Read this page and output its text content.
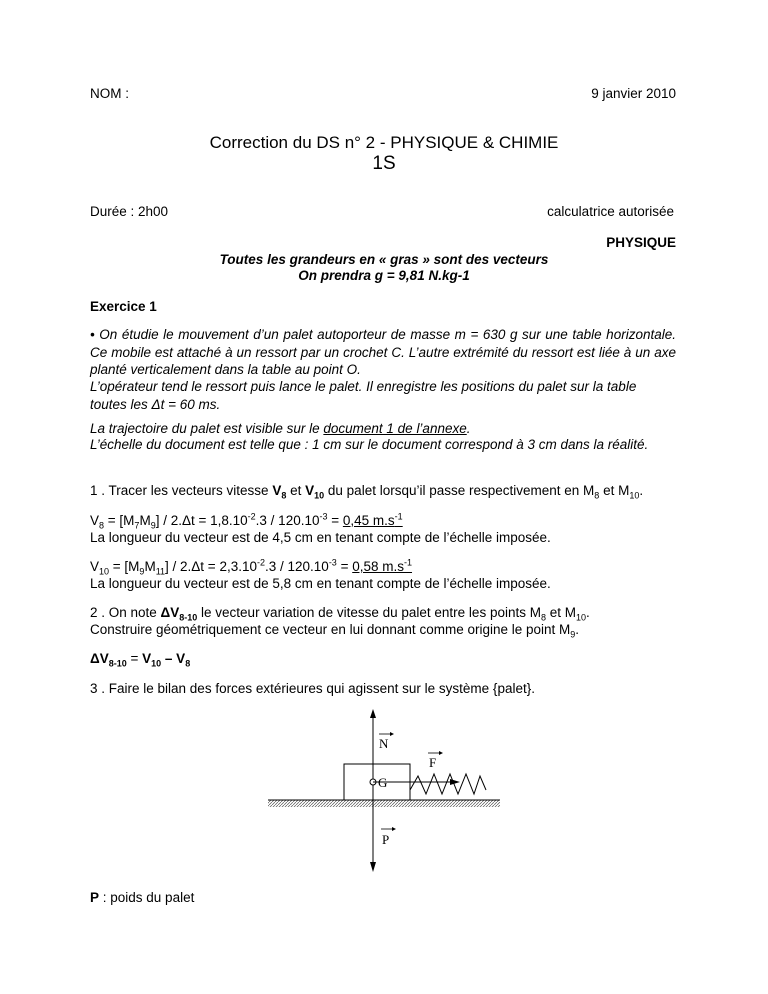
NOM :	9 janvier 2010
Correction du DS n° 2 - PHYSIQUE & CHIMIE
1S
Durée : 2h00	calculatrice autorisée
PHYSIQUE
Toutes les grandeurs en « gras » sont des vecteurs
On prendra g = 9,81 N.kg-1
Exercice 1
• On étudie le mouvement d’un palet autoporteur de masse m = 630 g sur une table horizontale. Ce mobile est attaché à un ressort par un crochet C. L’autre extrémité du ressort est liée à un axe planté verticalement dans la table au point O.
L’opérateur tend le ressort puis lance le palet. Il enregistre les positions du palet sur la table toutes les Δt = 60 ms.
La trajectoire du palet est visible sur le document 1 de l’annexe.
L’échelle du document est telle que : 1 cm sur le document correspond à 3 cm dans la réalité.
1 . Tracer les vecteurs vitesse $V_8$ et $V_{10}$ du palet lorsqu’il passe respectivement en $M_8$ et $M_{10}$.
$V_8 = [M_7M_9] / 2.\Delta t = 1,8.10^{-2}.3 / 120.10^{-3} = 0,45$ $m.s^{-1}$
La longueur du vecteur est de 4,5 cm en tenant compte de l’échelle imposée.
$V_{10} = [M_9M_{11}] / 2.\Delta t = 2,3.10^{-2}.3 / 120.10^{-3} = 0,58$ $m.s^{-1}$
La longueur du vecteur est de 5,8 cm en tenant compte de l’échelle imposée.
2 . On note $\Delta V_{8-10}$ le vecteur variation de vitesse du palet entre les points $M_8$ et $M_{10}$.
Construire géométriquement ce vecteur en lui donnant comme origine le point $M_9$.
$\Delta V_{8-10} = V_{10} - V_8$
3 . Faire le bilan des forces extérieures qui agissent sur le système {palet}.
N
F
G
P
P : poids du palet
